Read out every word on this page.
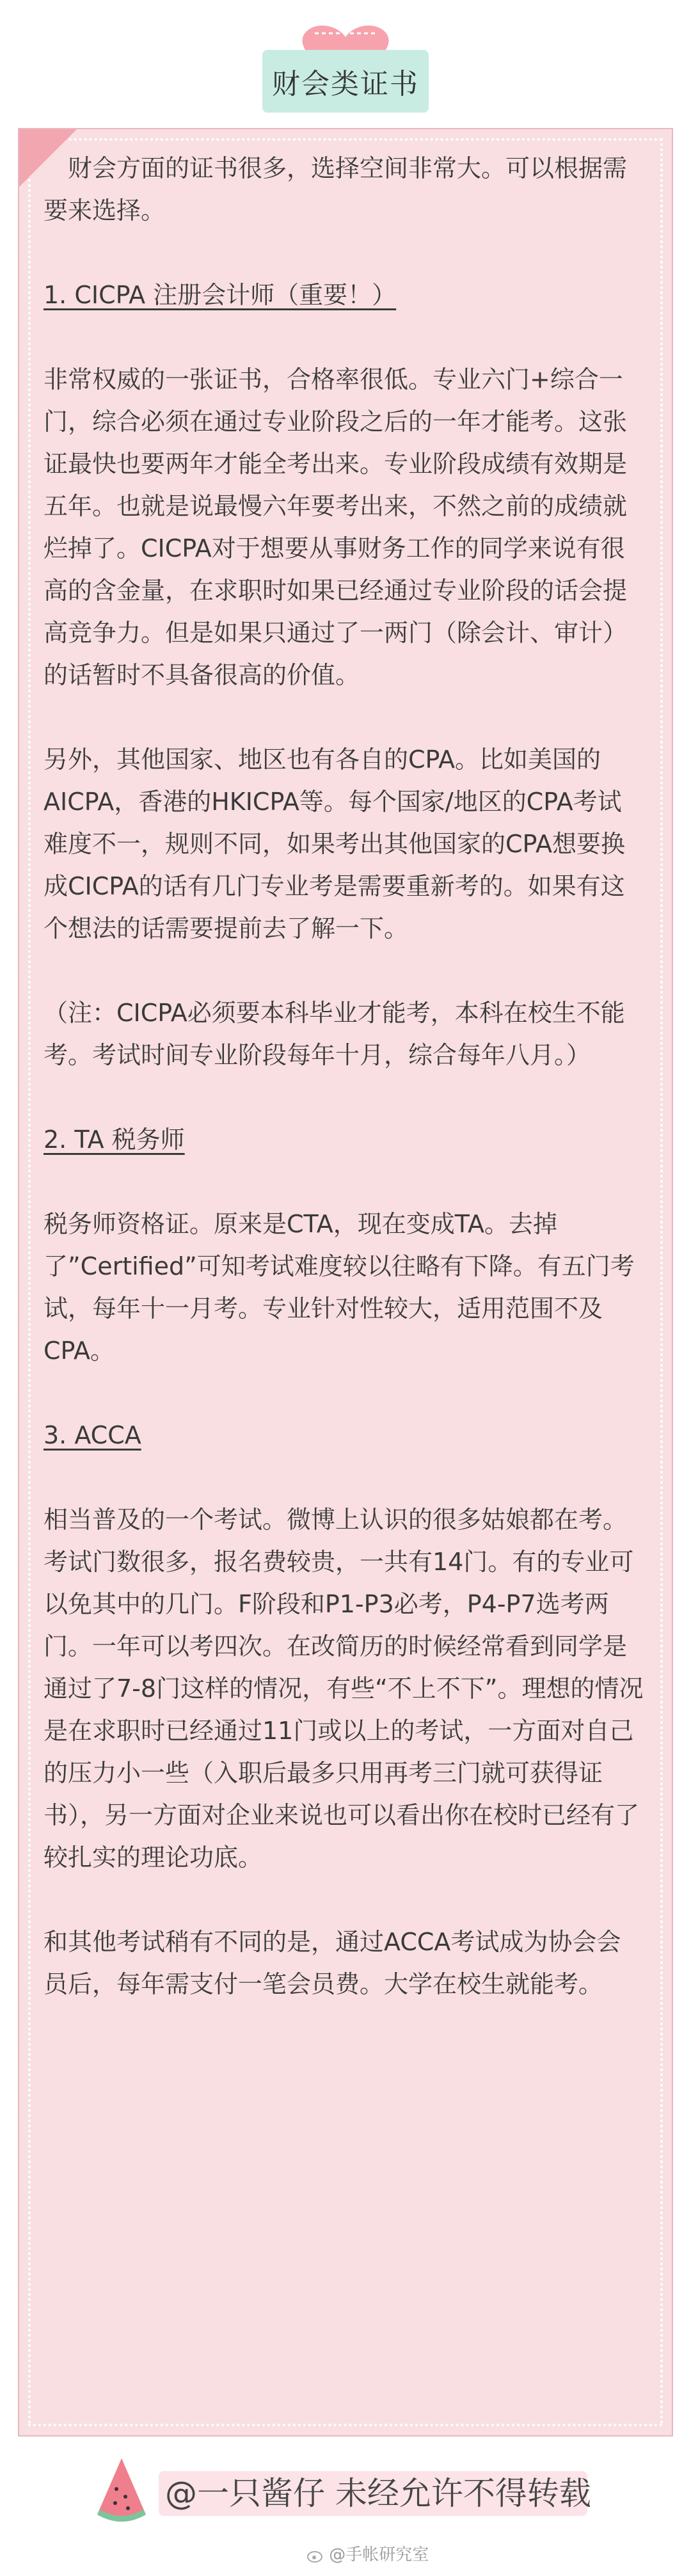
财会类证书

财会方面的证书很多，选择空间非常大。可以根据需要来选择。

1. CICPA 注册会计师（重要！）

非常权威的一张证书，合格率很低。专业六门+综合一门，综合必须在通过专业阶段之后的一年才能考。这张证最快也要两年才能全考出来。专业阶段成绩有效期是五年。也就是说最慢六年要考出来，不然之前的成绩就烂掉了。CICPA对于想要从事财务工作的同学来说有很高的含金量，在求职时如果已经通过专业阶段的话会提高竞争力。但是如果只通过了一两门（除会计、审计）的话暂时不具备很高的价值。

另外，其他国家、地区也有各自的CPA。比如美国的AICPA，香港的HKICPA等。每个国家/地区的CPA考试难度不一，规则不同，如果考出其他国家的CPA想要换成CICPA的话有几门专业考是需要重新考的。如果有这个想法的话需要提前去了解一下。

（注：CICPA必须要本科毕业才能考，本科在校生不能考。考试时间专业阶段每年十月，综合每年八月。）

2. TA 税务师

税务师资格证。原来是CTA，现在变成TA。去掉了”Certified”可知考试难度较以往略有下降。有五门考试，每年十一月考。专业针对性较大，适用范围不及CPA。

3. ACCA

相当普及的一个考试。微博上认识的很多姑娘都在考。考试门数很多，报名费较贵，一共有14门。有的专业可以免其中的几门。F阶段和P1-P3必考，P4-P7选考两门。一年可以考四次。在改简历的时候经常看到同学是通过了7-8门这样的情况，有些“不上不下”。理想的情况是在求职时已经通过11门或以上的考试，一方面对自己的压力小一些（入职后最多只用再考三门就可获得证书），另一方面对企业来说也可以看出你在校时已经有了较扎实的理论功底。

和其他考试稍有不同的是，通过ACCA考试成为协会会员后，每年需支付一笔会员费。大学在校生就能考。

@一只酱仔 未经允许不得转载
@手帐研究室
